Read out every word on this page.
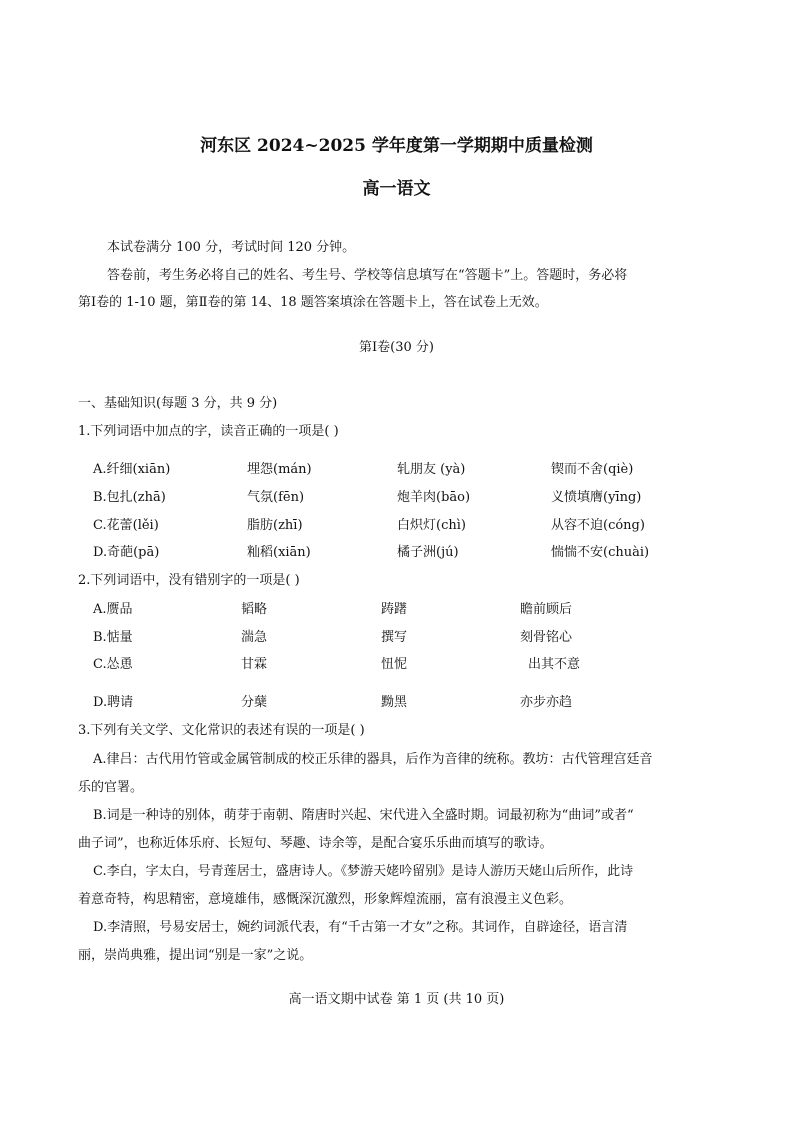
河东区 2024~2025 学年度第一学期期中质量检测
高一语文
本试卷满分 100 分，考试时间 120 分钟。
答卷前，考生务必将自己的姓名、考生号、学校等信息填写在“答题卡”上。答题时，务必将
第Ⅰ卷的 1-10 题，第Ⅱ卷的第 14、18 题答案填涂在答题卡上，答在试卷上无效。
第Ⅰ卷(30 分)
一、基础知识(每题 3 分，共 9 分)
1.下列词语中加点的字，读音正确的一项是( )
A.纤细(xiān)	埋怨(mán)	轧朋友 (yà)	锲而不舍(qiè)
B.包扎(zhā)	气氛(fēn)	炮羊肉(bāo)	义愤填膺(yīng)
C.花蕾(lěi)	脂肪(zhī)	白炽灯(chì)	从容不迫(cóng)
D.奇葩(pā)	籼稻(xiān)	橘子洲(jú)	惴惴不安(chuài)
2.下列词语中，没有错别字的一项是( )
A.赝品	韬略	踌躇	瞻前顾后
B.惦量	湍急	撰写	刻骨铭心
C.怂恿	甘霖	忸怩	出其不意
D.聘请	分蘖	黝黑	亦步亦趋
3.下列有关文学、文化常识的表述有误的一项是( )
A.律吕：古代用竹管或金属管制成的校正乐律的器具，后作为音律的统称。教坊：古代管理宫廷音
乐的官署。
B.词是一种诗的别体，萌芽于南朝、隋唐时兴起、宋代进入全盛时期。词最初称为“曲词”或者“
曲子词”，也称近体乐府、长短句、琴趣、诗余等，是配合宴乐乐曲而填写的歌诗。
C.李白，字太白，号青莲居士，盛唐诗人。《梦游天姥吟留别》是诗人游历天姥山后所作，此诗
着意奇特，构思精密，意境雄伟，感慨深沉激烈，形象辉煌流丽，富有浪漫主义色彩。
D.李清照，号易安居士，婉约词派代表，有“千古第一才女”之称。其词作，自辟途径，语言清
丽，崇尚典雅，提出词“别是一家”之说。
高一语文期中试卷 第 1 页 (共 10 页)
